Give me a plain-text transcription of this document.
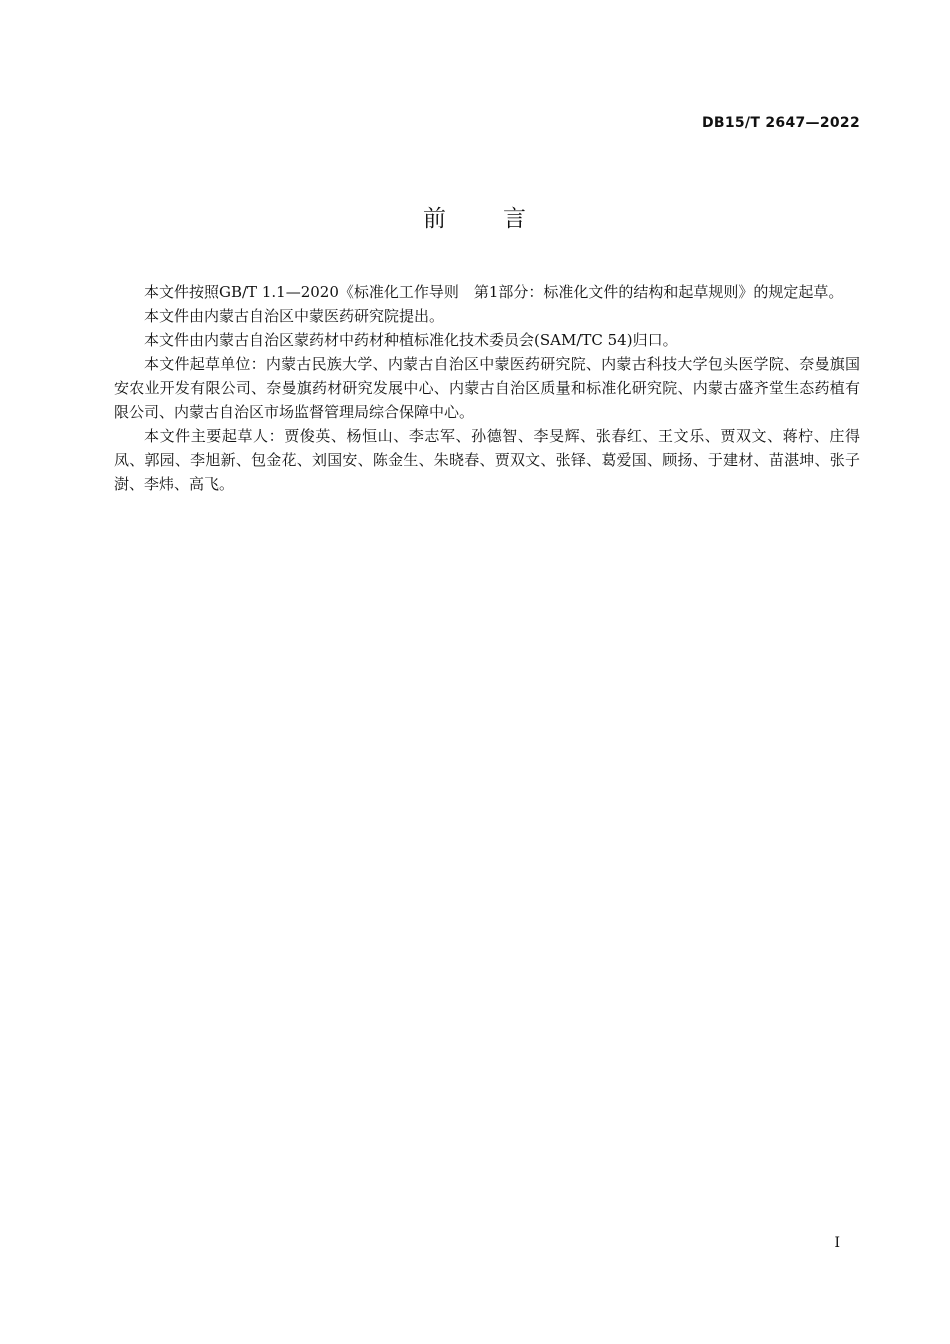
DB15/T 2647—2022
前 言

本文件按照GB/T 1.1—2020《标准化工作导则　第1部分：标准化文件的结构和起草规则》的规定起草。

本文件由内蒙古自治区中蒙医药研究院提出。

本文件由内蒙古自治区蒙药材中药材种植标准化技术委员会(SAM/TC 54)归口。

本文件起草单位：内蒙古民族大学、内蒙古自治区中蒙医药研究院、内蒙古科技大学包头医学院、奈曼旗国安农业开发有限公司、奈曼旗药材研究发展中心、内蒙古自治区质量和标准化研究院、内蒙古盛齐堂生态药植有限公司、内蒙古自治区市场监督管理局综合保障中心。

本文件主要起草人：贾俊英、杨恒山、李志军、孙德智、李旻辉、张春红、王文乐、贾双文、蒋柠、庄得凤、郭园、李旭新、包金花、刘国安、陈金生、朱晓春、贾双文、张铎、葛爱国、顾扬、于建材、苗湛坤、张子澍、李炜、高飞。

I
